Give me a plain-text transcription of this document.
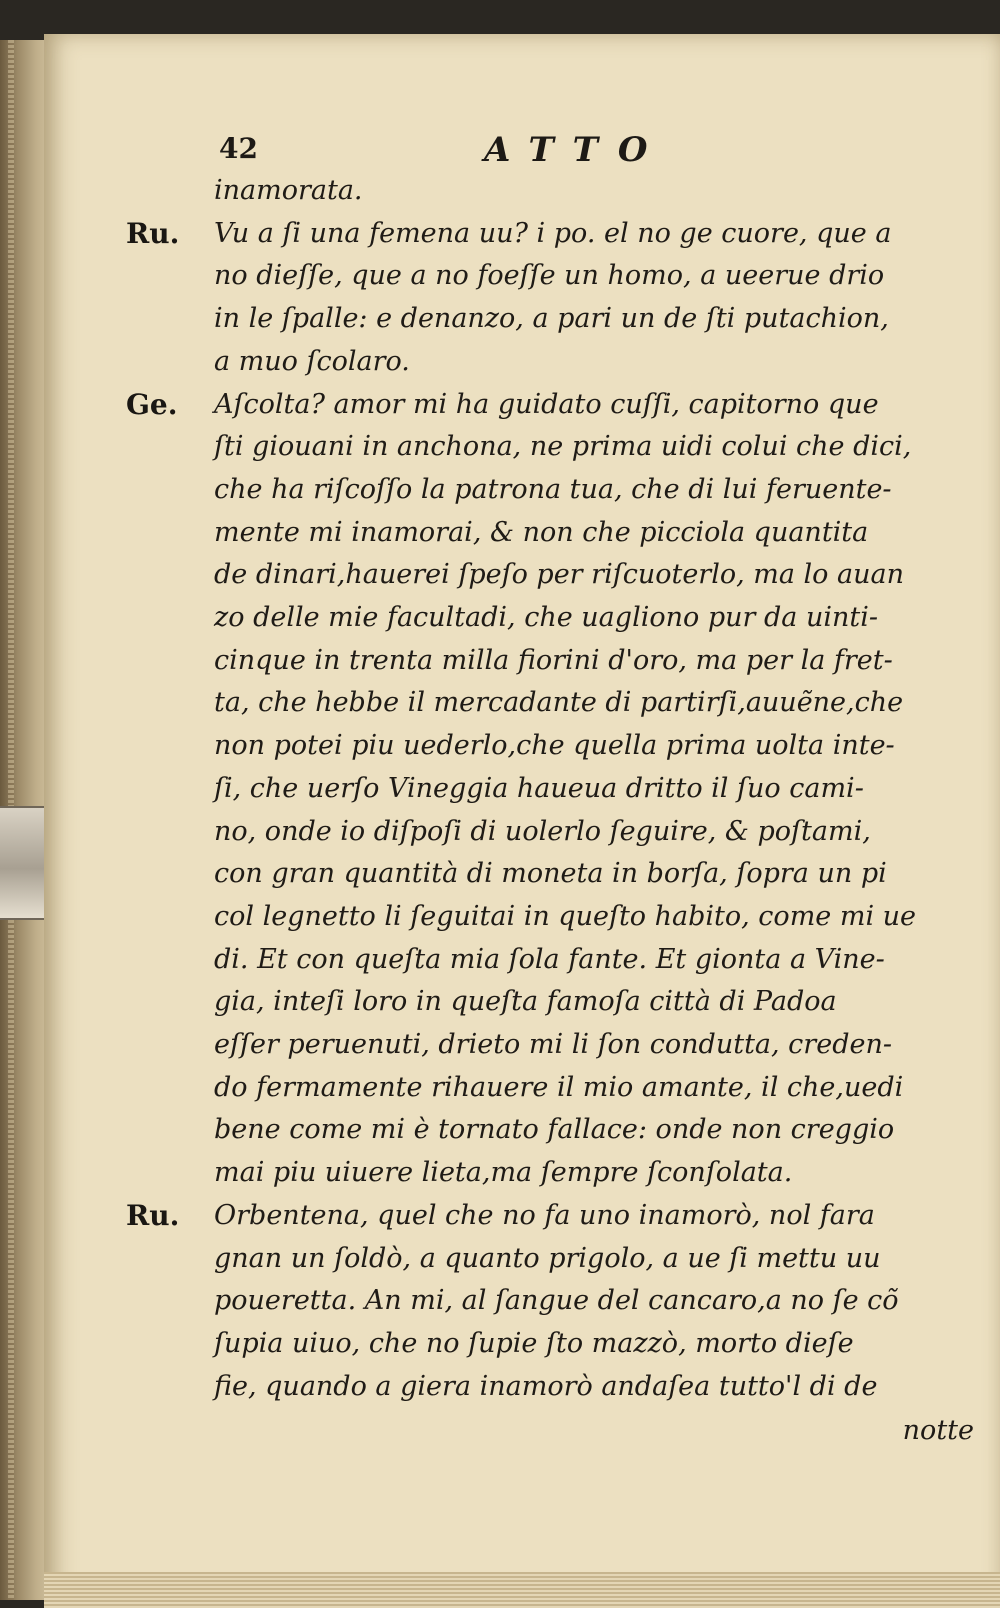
42	ATTO
inamorata.
Ru. Vu a ſi una femena uu? i po. el no ge cuore, que a
no dieſſe, que a no foeſſe un homo, a ueerue drio
in le ſpalle: e denanzo, a pari un de ſti putachion,
a muo ſcolaro.
Ge. Aſcolta? amor mi ha guidato cuſſi, capitorno que
ſti giouani in anchona, ne prima uidi colui che dici,
che ha riſcoſſo la patrona tua, che di lui feruente-
mente mi inamorai, & non che picciola quantita
de dinari,hauerei ſpeſo per riſcuoterlo, ma lo auan
zo delle mie facultadi, che uagliono pur da uinti-
cinque in trenta milla fiorini d'oro, ma per la fret-
ta, che hebbe il mercadante di partirſi,auuẽne,che
non potei piu uederlo,che quella prima uolta inte-
ſi, che uerſo Vineggia haueua dritto il ſuo cami-
no, onde io diſpoſi di uolerlo ſeguire, & poſtami,
con gran quantità di moneta in borſa, ſopra un pi
col legnetto li ſeguitai in queſto habito, come mi ue
di. Et con queſta mia ſola fante. Et gionta a Vine-
gia, inteſi loro in queſta famoſa città di Padoa
eſſer peruenuti, drieto mi li ſon condutta, creden-
do fermamente rihauere il mio amante, il che,uedi
bene come mi è tornato fallace: onde non creggio
mai piu uiuere lieta,ma ſempre ſconſolata.
Ru. Orbentena, quel che no fa uno inamorò, nol fara
gnan un ſoldò, a quanto prigolo, a ue ſi mettu uu
poueretta. An mi, al ſangue del cancaro,a no ſe cõ
ſupia uiuo, che no ſupie ſto mazzò, morto dieſe
fie, quando a giera inamorò andaſea tutto'l di de
notte
